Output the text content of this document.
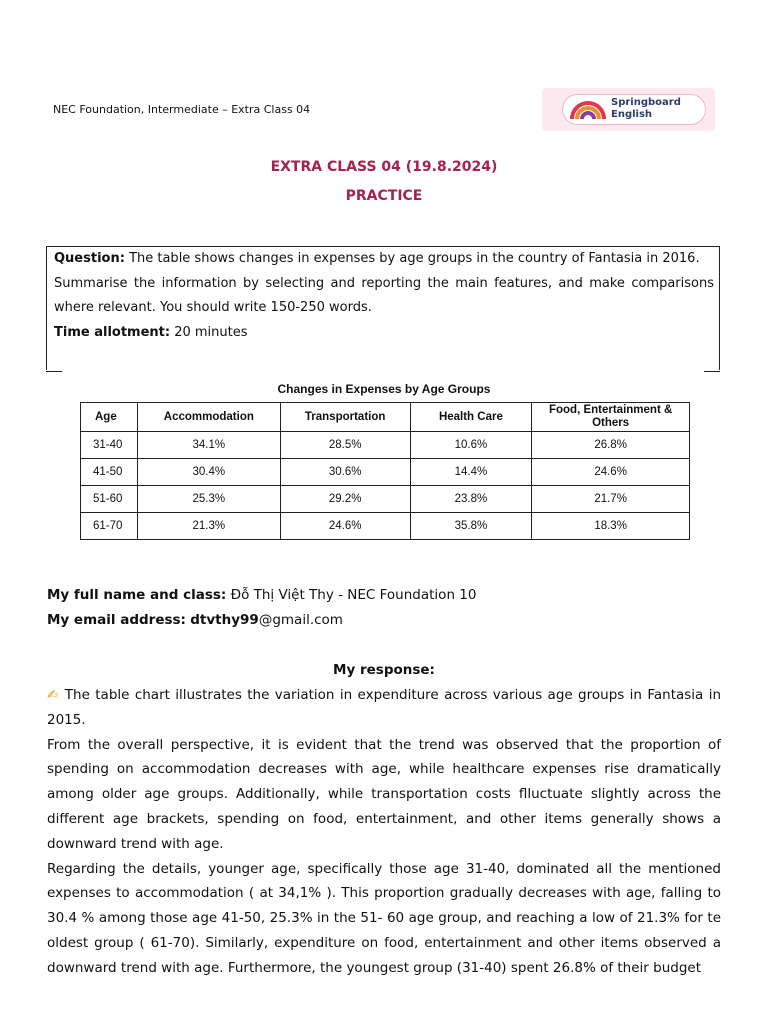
NEC Foundation, Intermediate – Extra Class 04
Springboard
English
EXTRA CLASS 04 (19.8.2024)
PRACTICE

Question: The table shows changes in expenses by age groups in the country of Fantasia in 2016.

Summarise the information by selecting and reporting the main features, and make comparisons where relevant. You should write 150-250 words.

Time allotment: 20 minutes

Changes in Expenses by Age Groups
Age	Accommodation	Transportation	Health Care	Food, Entertainment & Others
31-40	34.1%	28.5%	10.6%	26.8%
41-50	30.4%	30.6%	14.4%	24.6%
51-60	25.3%	29.2%	23.8%	21.7%
61-70	21.3%	24.6%	35.8%	18.3%
My full name and class: Đỗ Thị Việt Thy - NEC Foundation 10
My email address: dtvthy99@gmail.com
My response:

✍ The table chart illustrates the variation in expenditure across various age groups in Fantasia in 2015.

From the overall perspective, it is evident that the trend was observed that the proportion of spending on accommodation decreases with age, while healthcare expenses rise dramatically among older age groups. Additionally, while transportation costs flluctuate slightly across the different age brackets, spending on food, entertainment, and other items generally shows a downward trend with age.

Regarding the details, younger age, specifically those age 31-40, dominated all the mentioned expenses to accommodation ( at 34,1% ). This proportion gradually decreases with age, falling to 30.4 % among those age 41-50, 25.3% in the 51- 60 age group, and reaching a low of 21.3% for te oldest group ( 61-70). Similarly, expenditure on food, entertainment and other items observed a downward trend with age. Furthermore, the youngest group (31-40) spent 26.8% of their budget
